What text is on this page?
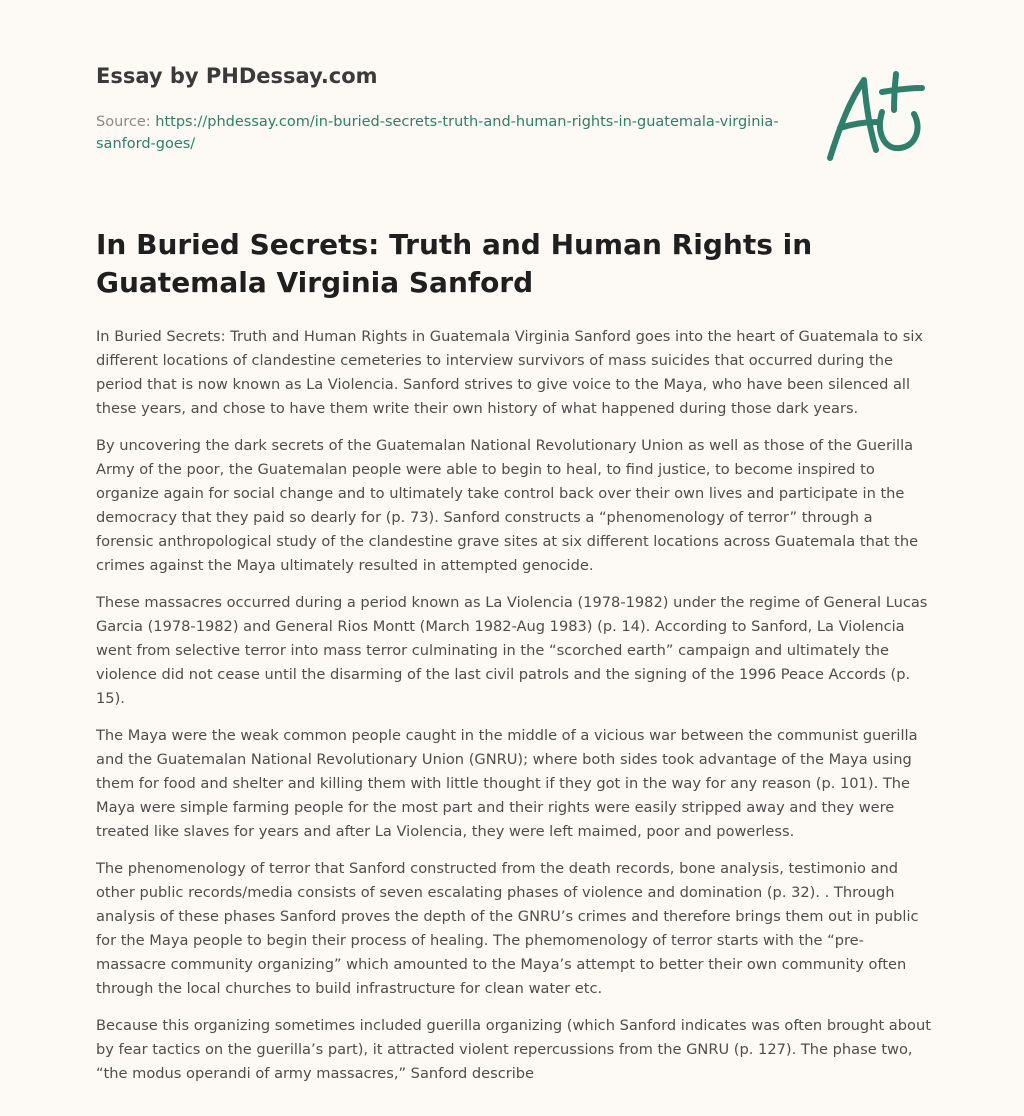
Essay by PHDessay.com
Source: https://phdessay.com/in-buried-secrets-truth-and-human-rights-in-guatemala-virginia-sanford-goes/
In Buried Secrets: Truth and Human Rights in Guatemala Virginia Sanford

In Buried Secrets: Truth and Human Rights in Guatemala Virginia Sanford goes into the heart of Guatemala to six different locations of clandestine cemeteries to interview survivors of mass suicides that occurred during the period that is now known as La Violencia. Sanford strives to give voice to the Maya, who have been silenced all these years, and chose to have them write their own history of what happened during those dark years.

By uncovering the dark secrets of the Guatemalan National Revolutionary Union as well as those of the Guerilla Army of the poor, the Guatemalan people were able to begin to heal, to find justice, to become inspired to organize again for social change and to ultimately take control back over their own lives and participate in the democracy that they paid so dearly for (p. 73). Sanford constructs a “phenomenology of terror” through a forensic anthropological study of the clandestine grave sites at six different locations across Guatemala that the crimes against the Maya ultimately resulted in attempted genocide.

These massacres occurred during a period known as La Violencia (1978-1982) under the regime of General Lucas Garcia (1978-1982) and General Rios Montt (March 1982-Aug 1983) (p. 14). According to Sanford, La Violencia went from selective terror into mass terror culminating in the “scorched earth” campaign and ultimately the violence did not cease until the disarming of the last civil patrols and the signing of the 1996 Peace Accords (p. 15).

The Maya were the weak common people caught in the middle of a vicious war between the communist guerilla and the Guatemalan National Revolutionary Union (GNRU); where both sides took advantage of the Maya using them for food and shelter and killing them with little thought if they got in the way for any reason (p. 101). The Maya were simple farming people for the most part and their rights were easily stripped away and they were treated like slaves for years and after La Violencia, they were left maimed, poor and powerless.

The phenomenology of terror that Sanford constructed from the death records, bone analysis, testimonio and other public records/media consists of seven escalating phases of violence and domination (p. 32). . Through analysis of these phases Sanford proves the depth of the GNRU’s crimes and therefore brings them out in public for the Maya people to begin their process of healing. The phemomenology of terror starts with the “pre-massacre community organizing” which amounted to the Maya’s attempt to better their own community often through the local churches to build infrastructure for clean water etc.

Because this organizing sometimes included guerilla organizing (which Sanford indicates was often brought about by fear tactics on the guerilla’s part), it attracted violent repercussions from the GNRU (p. 127). The phase two, “the modus operandi of army massacres,” Sanford describe
